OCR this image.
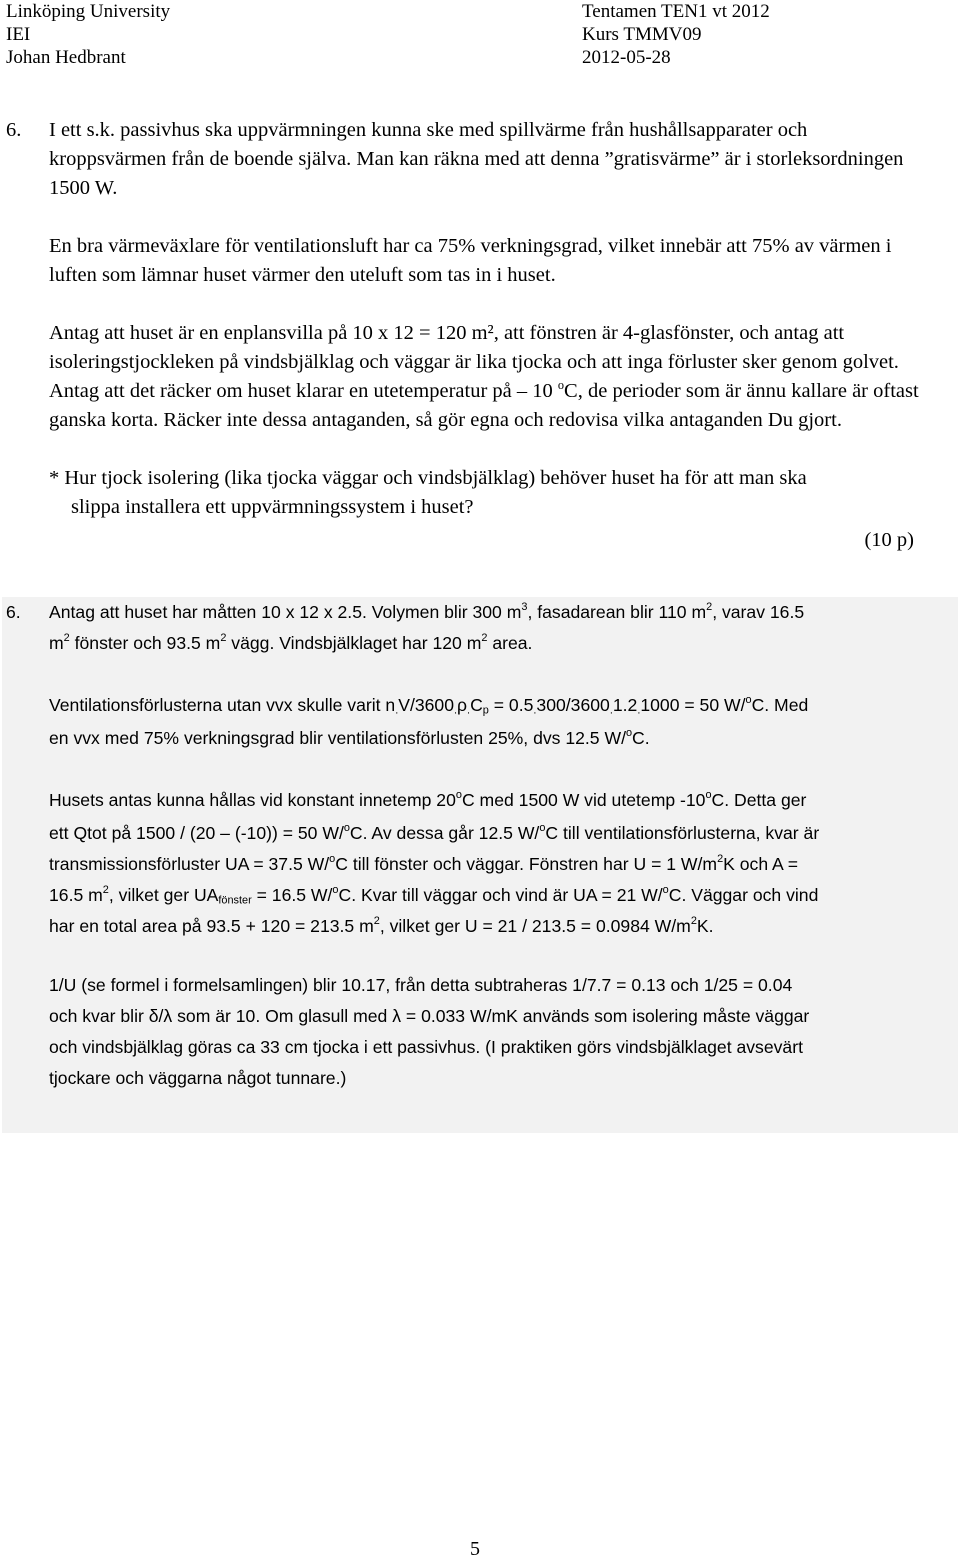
Linköping University
IEI
Johan Hedbrant
Tentamen TEN1 vt 2012
Kurs TMMV09
2012-05-28
6.	I ett s.k. passivhus ska uppvärmningen kunna ske med spillvärme från hushållsapparater och kroppsvärmen från de boende själva. Man kan räkna med att denna ”gratisvärme” är i storleksordningen 1500 W.

En bra värmeväxlare för ventilationsluft har ca 75% verkningsgrad, vilket innebär att 75% av värmen i luften som lämnar huset värmer den uteluft som tas in i huset.

Antag att huset är en enplansvilla på 10 x 12 = 120 m², att fönstren är 4-glasfönster, och antag att isoleringstjockleken på vindsbjälklag och väggar är lika tjocka och att inga förluster sker genom golvet. Antag att det räcker om huset klarar en utetemperatur på – 10 $^o$C, de perioder som är ännu kallare är oftast ganska korta. Räcker inte dessa antaganden, så gör egna och redovisa vilka antaganden Du gjort.

* Hur tjock isolering (lika tjocka väggar och vindsbjälklag) behöver huset ha för att man ska
slippa installera ett uppvärmningssystem i huset?

(10 p)

6.	Antag att huset har måtten 10 x 12 x 2.5. Volymen blir 300 $m^3$, fasadarean blir 110 $m^2$, varav 16.5

$m^2$ fönster och 93.5 $m^2$ vägg. Vindsbjälklaget har 120 $m^2$ area.

Ventilationsförlusterna utan vvx skulle varit n.V/3600.ρ.Cp = 0.5.300/3600.1.2.1000 = 50 W/$^o$C. Med

en vvx med 75% verkningsgrad blir ventilationsförlusten 25%, dvs 12.5 W/$^o$C.

Husets antas kunna hållas vid konstant innetemp 20$^o$C med 1500 W vid utetemp -10$^o$C. Detta ger

ett Qtot på 1500 / (20 – (-10)) = 50 W/$^o$C. Av dessa går 12.5 W/$^o$C till ventilationsförlusterna, kvar är

transmissionsförluster UA = 37.5 W/$^o$C till fönster och väggar. Fönstren har U = 1 $W/m^2K$ och A =

16.5 $m^2$, vilket ger UAfönster = 16.5 W/$^o$C. Kvar till väggar och vind är UA = 21 W/$^o$C. Väggar och vind

har en total area på 93.5 + 120 = 213.5 $m^2$, vilket ger U = 21 / 213.5 = 0.0984 $W/m^2K$.

1/U (se formel i formelsamlingen) blir 10.17, från detta subtraheras 1/7.7 = 0.13 och 1/25 = 0.04

och kvar blir δ/λ som är 10. Om glasull med λ = 0.033 W/mK används som isolering måste väggar

och vindsbjälklag göras ca 33 cm tjocka i ett passivhus. (I praktiken görs vindsbjälklaget avsevärt

tjockare och väggarna något tunnare.)

5
